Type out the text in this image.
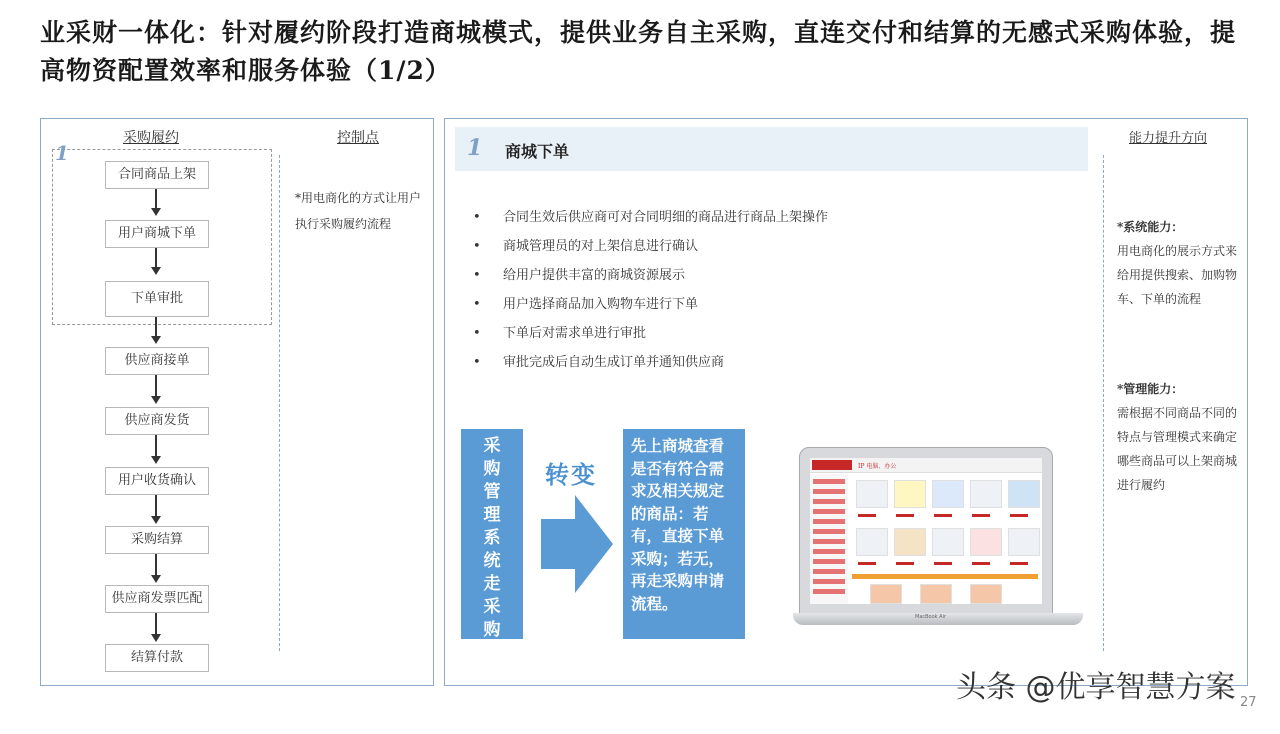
业采财一体化：针对履约阶段打造商城模式，提供业务自主采购，直连交付和结算的无感式采购体验，提高物资配置效率和服务体验（1/2）
采购履约	控制点
1
合同商品上架
用户商城下单
下单审批
供应商接单
供应商发货
用户收货确认
采购结算
供应商发票匹配
结算付款
*用电商化的方式让用户执行采购履约流程
1 商城下单
能力提升方向
• 合同生效后供应商可对合同明细的商品进行商品上架操作
• 商城管理员的对上架信息进行确认
• 给用户提供丰富的商城资源展示
• 用户选择商品加入购物车进行下单
• 下单后对需求单进行审批
• 审批完成后自动生成订单并通知供应商
采购管理系统走采购申请流程
转变
先上商城查看是否有符合需求及相关规定的商品：若有，直接下单采购；若无，再走采购申请流程。
IP 电脑、办公
MacBook Air
*系统能力：
用电商化的展示方式来给用提供搜索、加购物车、下单的流程
*管理能力：
需根据不同商品不同的特点与管理模式来确定哪些商品可以上架商城进行履约
头条 @优享智慧方案 27
